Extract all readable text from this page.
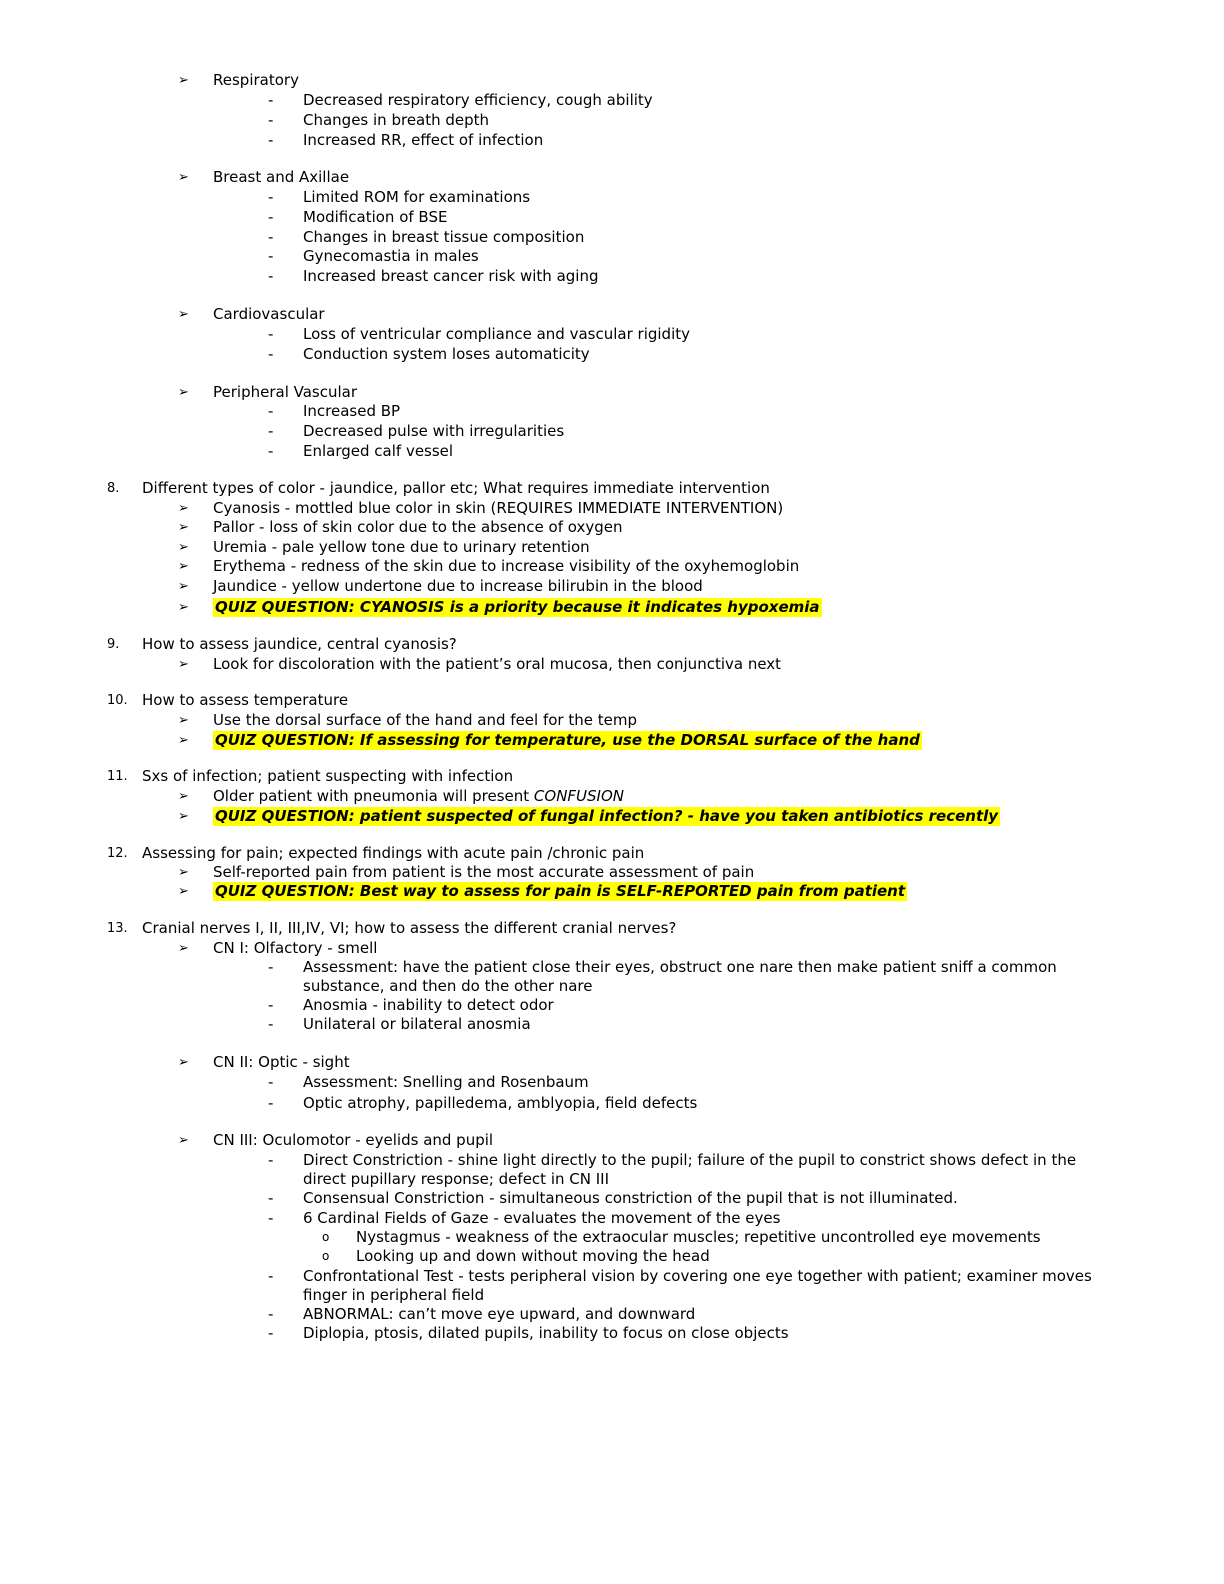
➢	Respiratory
-	Decreased respiratory efficiency, cough ability
-	Changes in breath depth
-	Increased RR, effect of infection
➢	Breast and Axillae
-	Limited ROM for examinations
-	Modification of BSE
-	Changes in breast tissue composition
-	Gynecomastia in males
-	Increased breast cancer risk with aging
➢	Cardiovascular
-	Loss of ventricular compliance and vascular rigidity
-	Conduction system loses automaticity
➢	Peripheral Vascular
-	Increased BP
-	Decreased pulse with irregularities
-	Enlarged calf vessel
8.	Different types of color - jaundice, pallor etc; What requires immediate intervention
➢	Cyanosis - mottled blue color in skin (REQUIRES IMMEDIATE INTERVENTION)
➢	Pallor - loss of skin color due to the absence of oxygen
➢	Uremia - pale yellow tone due to urinary retention
➢	Erythema - redness of the skin due to increase visibility of the oxyhemoglobin
➢	Jaundice - yellow undertone due to increase bilirubin in the blood
➢	QUIZ QUESTION: CYANOSIS is a priority because it indicates hypoxemia
9.	How to assess jaundice, central cyanosis?
➢	Look for discoloration with the patient’s oral mucosa, then conjunctiva next
10. How to assess temperature
➢	Use the dorsal surface of the hand and feel for the temp
➢	QUIZ QUESTION: If assessing for temperature, use the DORSAL surface of the hand
11. Sxs of infection; patient suspecting with infection
➢	Older patient with pneumonia will present CONFUSION
➢	QUIZ QUESTION: patient suspected of fungal infection? - have you taken antibiotics recently
12. Assessing for pain; expected findings with acute pain /chronic pain
➢	Self-reported pain from patient is the most accurate assessment of pain
➢	QUIZ QUESTION: Best way to assess for pain is SELF-REPORTED pain from patient
13. Cranial nerves I, II, III,IV, VI; how to assess the different cranial nerves?
➢	CN I: Olfactory - smell
-	Assessment: have the patient close their eyes, obstruct one nare then make patient sniff a common
substance, and then do the other nare
-	Anosmia - inability to detect odor
-	Unilateral or bilateral anosmia
➢	CN II: Optic - sight
-	Assessment: Snelling and Rosenbaum
-	Optic atrophy, papilledema, amblyopia, field defects
➢	CN III: Oculomotor - eyelids and pupil
-	Direct Constriction - shine light directly to the pupil; failure of the pupil to constrict shows defect in the
direct pupillary response; defect in CN III
-	Consensual Constriction - simultaneous constriction of the pupil that is not illuminated.
-	6 Cardinal Fields of Gaze - evaluates the movement of the eyes
o Nystagmus - weakness of the extraocular muscles; repetitive uncontrolled eye movements
o Looking up and down without moving the head
-	Confrontational Test - tests peripheral vision by covering one eye together with patient; examiner moves
finger in peripheral field
-	ABNORMAL: can’t move eye upward, and downward
-	Diplopia, ptosis, dilated pupils, inability to focus on close objects
